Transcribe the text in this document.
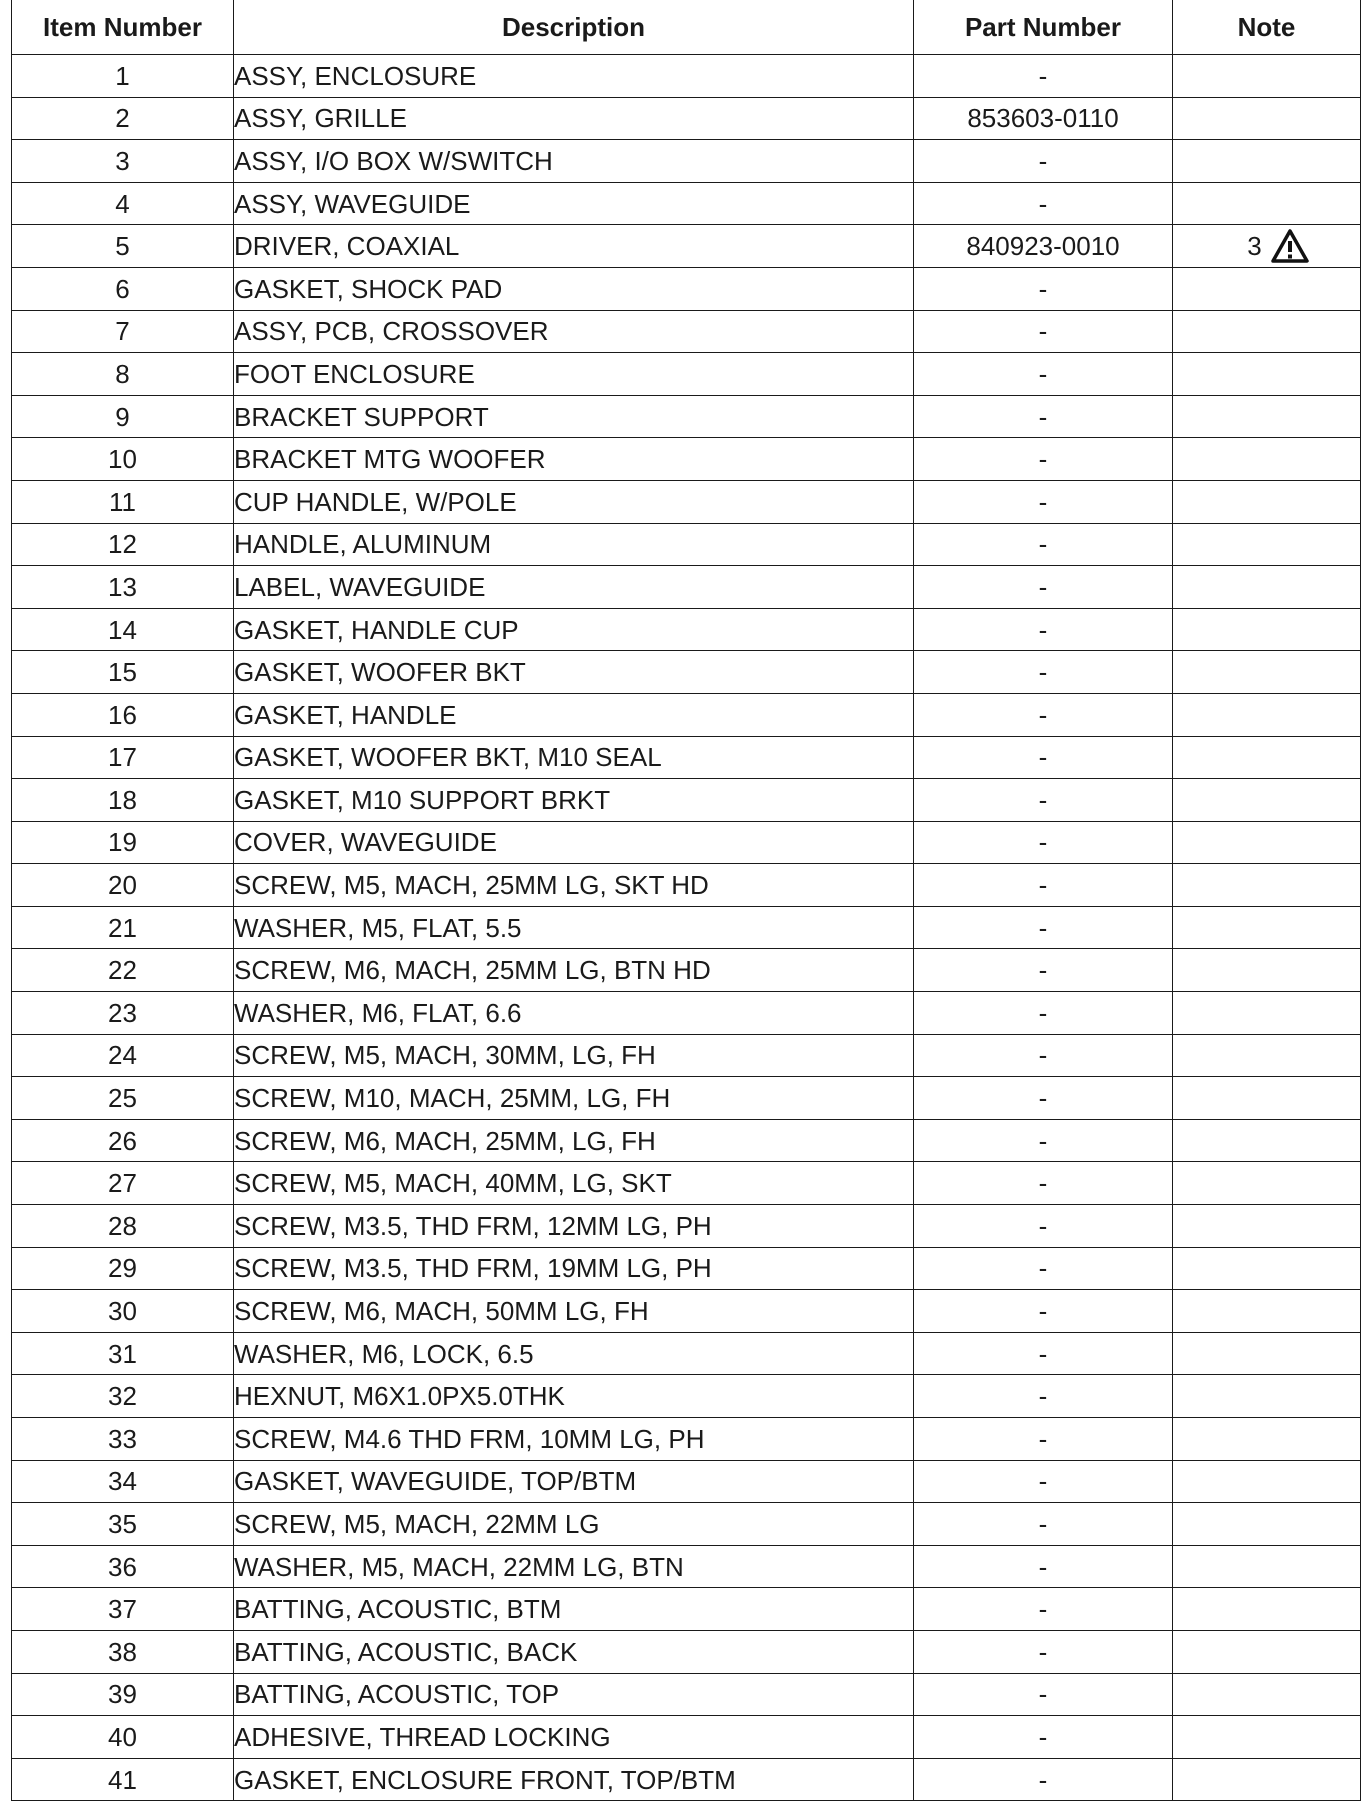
Item Number	Description	Part Number	Note
1	ASSY, ENCLOSURE	-	
2	ASSY, GRILLE	853603-0110	
3	ASSY, I/O BOX W/SWITCH	-	
4	ASSY, WAVEGUIDE	-	
5	DRIVER, COAXIAL	840923-0010	3

6	GASKET, SHOCK PAD	-	
7	ASSY, PCB, CROSSOVER	-	
8	FOOT ENCLOSURE	-	
9	BRACKET SUPPORT	-	
10	BRACKET MTG WOOFER	-	
11	CUP HANDLE, W/POLE	-	
12	HANDLE, ALUMINUM	-	
13	LABEL, WAVEGUIDE	-	
14	GASKET, HANDLE CUP	-	
15	GASKET, WOOFER BKT	-	
16	GASKET, HANDLE	-	
17	GASKET, WOOFER BKT, M10 SEAL	-	
18	GASKET, M10 SUPPORT BRKT	-	
19	COVER, WAVEGUIDE	-	
20	SCREW, M5, MACH, 25MM LG, SKT HD	-	
21	WASHER, M5, FLAT, 5.5	-	
22	SCREW, M6, MACH, 25MM LG, BTN HD	-	
23	WASHER, M6, FLAT, 6.6	-	
24	SCREW, M5, MACH, 30MM, LG, FH	-	
25	SCREW, M10, MACH, 25MM, LG, FH	-	
26	SCREW, M6, MACH, 25MM, LG, FH	-	
27	SCREW, M5, MACH, 40MM, LG, SKT	-	
28	SCREW, M3.5, THD FRM, 12MM LG, PH	-	
29	SCREW, M3.5, THD FRM, 19MM LG, PH	-	
30	SCREW, M6, MACH, 50MM LG, FH	-	
31	WASHER, M6, LOCK, 6.5	-	
32	HEXNUT, M6X1.0PX5.0THK	-	
33	SCREW, M4.6 THD FRM, 10MM LG, PH	-	
34	GASKET, WAVEGUIDE, TOP/BTM	-	
35	SCREW, M5, MACH, 22MM LG	-	
36	WASHER, M5, MACH, 22MM LG, BTN	-	
37	BATTING, ACOUSTIC, BTM	-	
38	BATTING, ACOUSTIC, BACK	-	
39	BATTING, ACOUSTIC, TOP	-	
40	ADHESIVE, THREAD LOCKING	-	
41	GASKET, ENCLOSURE FRONT, TOP/BTM	-	
